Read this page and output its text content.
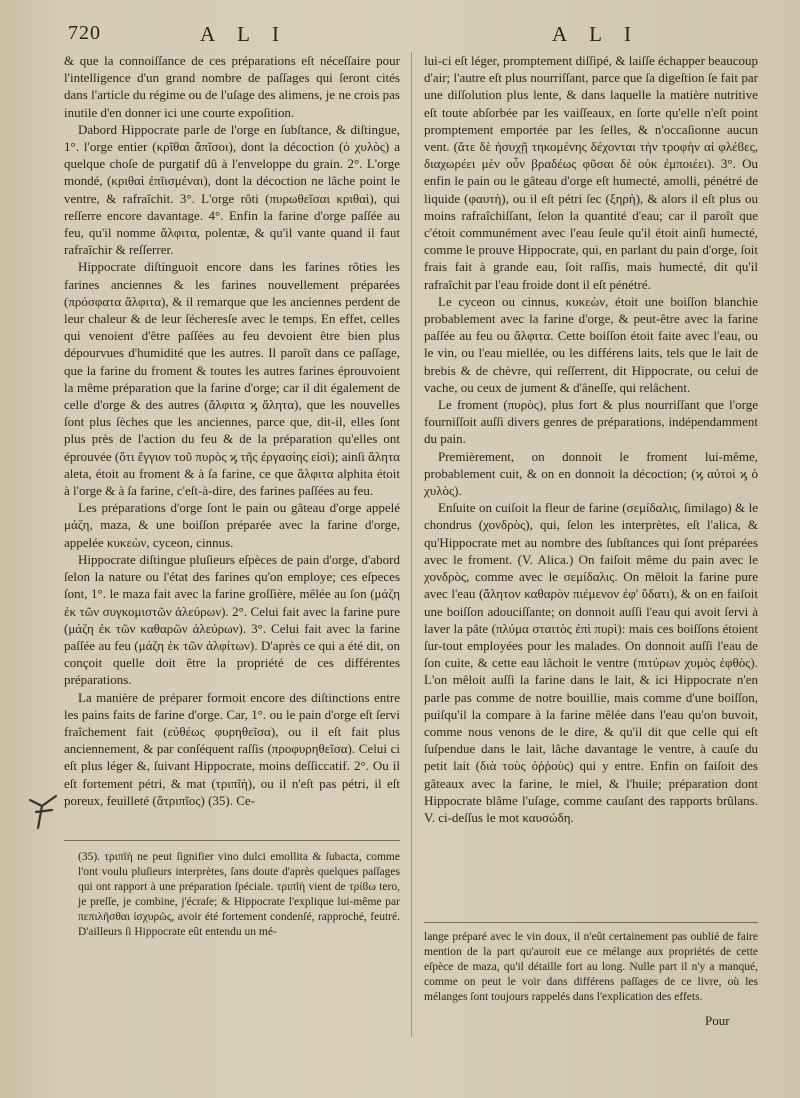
720	ALI	ALI

& que la connoiſſance de ces préparations eſt néceſſaire pour l'intelligence d'un grand nombre de paſſages qui ſeront cités dans l'article du régime ou de l'uſage des alimens, je ne crois pas inutile d'en donner ici une courte expoſition.

Dabord Hippocrate parle de l'orge en ſubſtance, & diſtingue, 1°. l'orge entier (κρῖθαι ἄπῖσοι), dont la décoction (ὁ χυλὸς) a quelque choſe de purgatif dû à l'enveloppe du grain. 2°. L'orge mondé, (κριθαὶ ἐπῖισμέναι), dont la décoction ne lâche point le ventre, & rafraîchit. 3°. L'orge rôti (πυρωθεῖσαι κριθαὶ), qui reſſerre encore davantage. 4°. Enfin la farine d'orge paſſée au feu, qu'il nomme ἄλφιτα, polentæ, & qu'il vante quand il faut rafraîchir & reſſerrer.

Hippocrate diſtinguoit encore dans les farines rôties les farines anciennes & les farines nouvellement préparées (πρόσφατα ἄλφιτα), & il remarque que les anciennes perdent de leur chaleur & de leur ſécheresſe avec le temps. En effet, celles qui venoient d'être paſſées au feu devoient être bien plus dépourvues d'humidité que les autres. Il paroît dans ce paſſage, que la farine du froment & toutes les autres farines éprouvoient la même préparation que la farine d'orge; car il dit également de celle d'orge & des autres (ἄλφιτα ϗ ἄλητα), que les nouvelles ſont plus ſèches que les anciennes, parce que, dit-il, elles ſont plus près de l'action du feu & de la préparation qu'elles ont éprouvée (ὅτι ἔγγιον τοῦ πυρὸς ϗ τῆς ἐργασίης εἰσὶ); ainſi ἄλητα aleta, étoit au froment & à ſa farine, ce que ἄλφιτα alphita étoit à l'orge & à ſa farine, c'eſt-à-dire, des farines paſſées au feu.

Les préparations d'orge ſont le pain ou gâteau d'orge appelé μάζη, maza, & une boiſſon préparée avec la farine d'orge, appelée κυκεὼν, cyceon, cinnus.

Hippocrate diſtingue pluſieurs eſpèces de pain d'orge, d'abord ſelon la nature ou l'état des farines qu'on employe; ces eſpeces ſont, 1°. le maza fait avec la farine groſſière, mêlée au ſon (μάζη ἐκ τῶν συγκομιστῶν ἀλεύρων). 2°. Celui fait avec la farine pure (μάζη ἐκ τῶν καθαρῶν ἀλεύρων). 3°. Celui fait avec la farine paſſée au feu (μάζη ἐκ τῶν ἀλφίτων). D'après ce qui a été dit, on conçoit quelle doit être la propriété de ces différentes préparations.

La manière de préparer formoit encore des diſtinctions entre les pains faits de farine d'orge. Car, 1°. ou le pain d'orge eſt ſervi fraîchement fait (εὐθέως φυρηθεῖσα), ou il eſt fait plus anciennement, & par conſéquent raſſis (προφυρηθεῖσα). Celui ci eſt plus léger &, ſuivant Hippocrate, moins deſſiccatif. 2°. Ou il eſt fortement pétri, & mat (τριπῖὴ), ou il n'eſt pas pétri, il eſt poreux, feuilleté (ἄτριπῖος) (35). Ce-

lui-ci eſt léger, promptement diſſipé, & laiſſe échapper beaucoup d'air; l'autre eſt plus nourriſſant, parce que ſa digeſtion ſe fait par une diſſolution plus lente, & dans laquelle la matière nutritive eſt toute abſorbée par les vaiſſeaux, en ſorte qu'elle n'eſt point promptement emportée par les ſelles, & n'occaſionne aucun vent. (ἅτε δὲ ἡσυχῇ τηκομένης δέχονται τὴν τροφὴν αἱ φλέϐες, διαχωρέει μὲν οὖν βραδέως φῦσαι δὲ οὐκ ἐμποιέει). 3°. Ou enfin le pain ou le gâteau d'orge eſt humecté, amolli, pénétré de liquide (φαυτὴ), ou il eſt pétri ſec (ξηρὴ), & alors il eſt plus ou moins rafraîchiſſant, ſelon la quantité d'eau; car il paroît que c'étoit communément avec l'eau ſeule qu'il étoit ainſi humecté, comme le prouve Hippocrate, qui, en parlant du pain d'orge, ſoit frais fait à grande eau, ſoit raſſis, mais humecté, dit qu'il rafraîchit par l'eau froide dont il eſt pénétré.

Le cyceon ou cinnus, κυκεὼν, étoit une boiſſon blanchie probablement avec la farine d'orge, & peut-être avec la farine paſſée au feu ou ἄλφιτα. Cette boiſſon étoit faite avec l'eau, ou le vin, ou l'eau miellée, ou les différens laits, tels que le lait de brebis & de chèvre, qui reſſerrent, dit Hippocrate, ou celui de vache, ou ceux de jument & d'âneſſe, qui relâchent.

Le froment (πυρὸς), plus fort & plus nourriſſant que l'orge fourniſſoit auſſi divers genres de préparations, indépendamment du pain.

Premièrement, on donnoit le froment lui-même, probablement cuit, & on en donnoit la décoction; (ϗ αὐτοὶ ϗ ὁ χυλὸς).

Enſuite on cuiſoit la fleur de farine (σεμίδαλις, ſimilago) & le chondrus (χονδρὸς), qui, ſelon les interprètes, eſt l'alica, & qu'Hippocrate met au nombre des ſubſtances qui ſont préparées avec le froment. (V. Alica.) On faiſoit même du pain avec le χονδρὸς, comme avec le σεμίδαλις. On mêloit la farine pure avec l'eau (ἄλητον καθαρὸν πιέμενον ἐφ' ὕδατι), & on en faiſoit une boiſſon adouciſſante; on donnoit auſſi l'eau qui avoit ſervi à laver la pâte (πλύμα σταιτὸς ἐπὶ πυρὶ): mais ces boiſſons étoient ſur-tout employées pour les malades. On donnoit auſſi l'eau de ſon cuite, & cette eau lâchoit le ventre (πιτύρων χυμὸς ἑφθὸς). L'on mêloit auſſi la farine dans le lait, & ici Hippocrate n'en parle pas comme de notre bouillie, mais comme d'une boiſſon, puiſqu'il la compare à la farine mêlée dans l'eau qu'on buvoit, comme nous venons de le dire, & qu'il dit que celle qui eſt ſuſpendue dans le lait, lâche davantage le ventre, à cauſe du petit lait (διὰ τοὺς ὀῤῥοὺς) qui y entre. Enfin on faiſoit des gâteaux avec la farine, le miel, & l'huile; préparation dont Hippocrate blâme l'uſage, comme cauſant des rapports brûlans. V. ci-deſſus le mot καυσώδη.

(35). τριπῖὴ ne peut ſignifier vino dulci emollita & ſubacta, comme l'ont voulu pluſieurs interprètes, ſans doute d'après quelques paſſages qui ont rapport à une préparation ſpéciale. τριπῖὴ vient de τρίϐω tero, je preſſe, je combine, j'écraſe; & Hippocrate l'explique lui-même par πεπιλῆσθαι ἰσχυρῶς, avoir été fortement condenſé, rapproché, feutré. D'ailleurs ſi Hippocrate eût entendu un mé-	lange préparé avec le vin doux, il n'eût certainement pas oublié de faire mention de la part qu'auroit eue ce mélange aux propriétés de cette eſpèce de maza, qu'il détaille fort au long. Nulle part il n'y a manqué, comme on peut le voir dans différens paſſages de ce livre, où les mélanges ſont toujours rappelés dans l'explication des effets.
Pour
